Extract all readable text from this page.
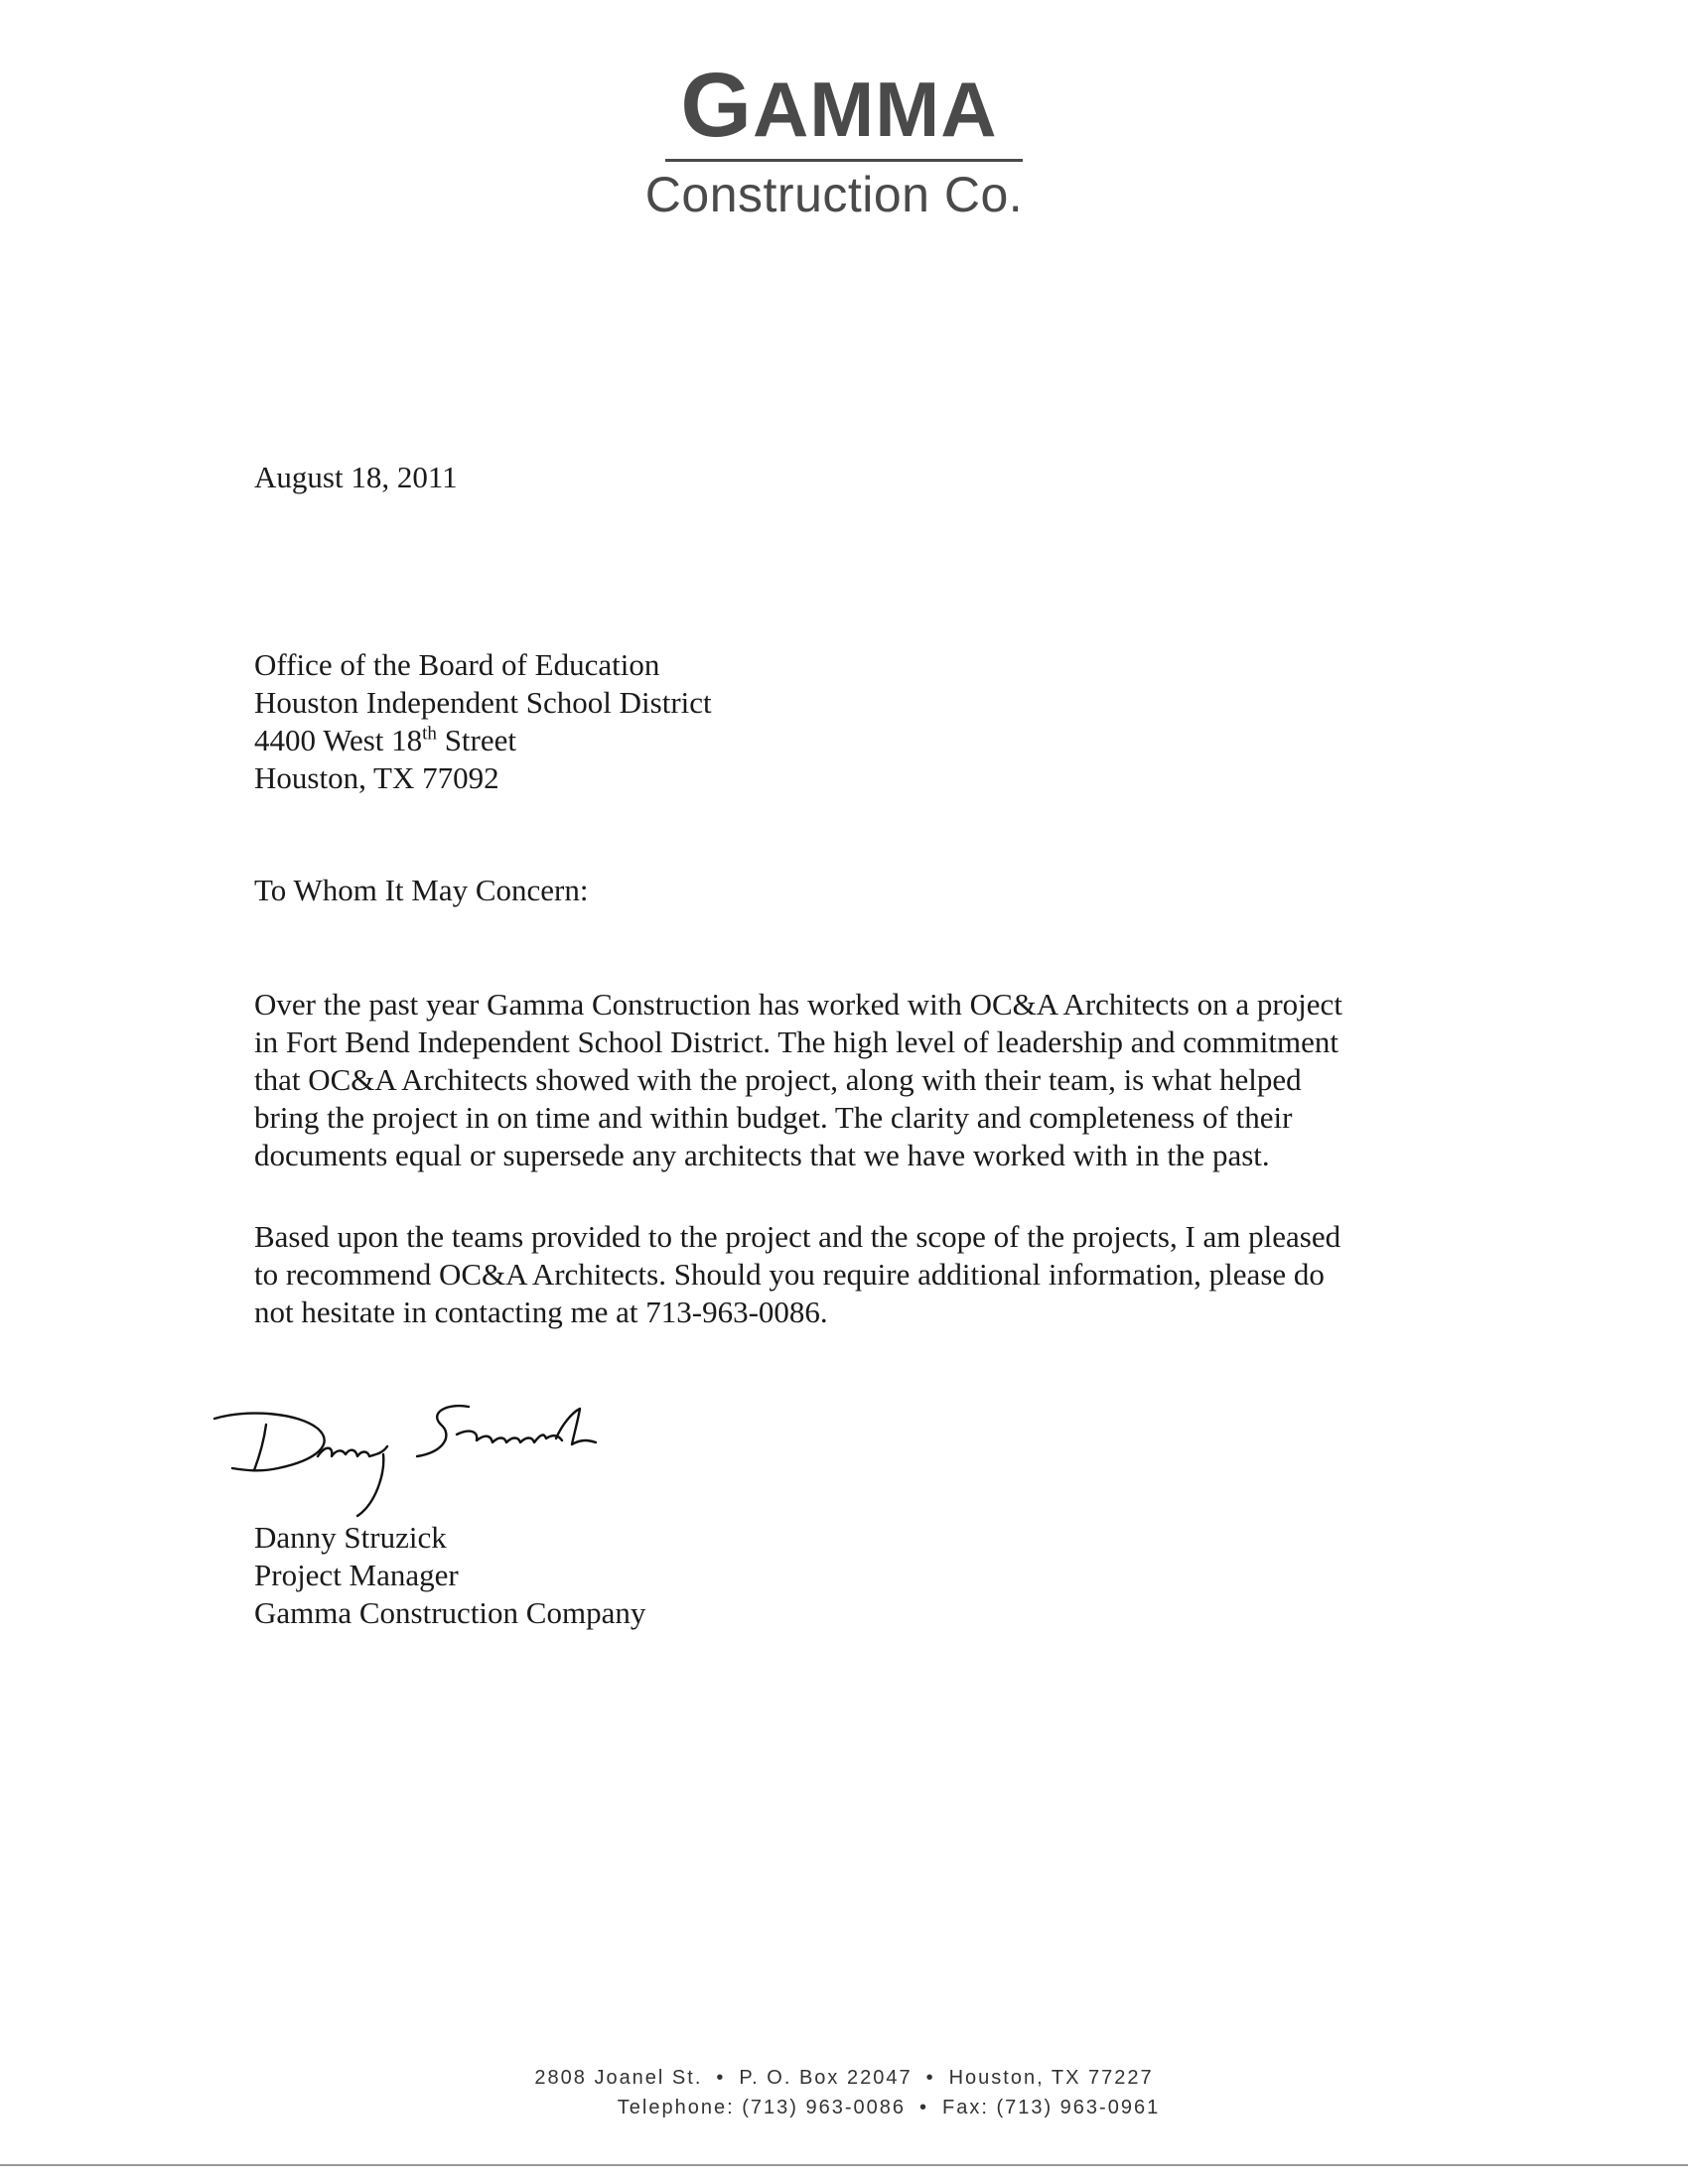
GAMMA
Construction Co.
August 18, 2011
Office of the Board of Education
Houston Independent School District
4400 West 18th Street
Houston, TX 77092
To Whom It May Concern:
Over the past year Gamma Construction has worked with OC&A Architects on a project
in Fort Bend Independent School District. The high level of leadership and commitment
that OC&A Architects showed with the project, along with their team, is what helped
bring the project in on time and within budget. The clarity and completeness of their
documents equal or supersede any architects that we have worked with in the past.
Based upon the teams provided to the project and the scope of the projects, I am pleased
to recommend OC&A Architects. Should you require additional information, please do
not hesitate in contacting me at 713-963-0086.
Danny Struzick
Danny Struzick
Project Manager
Gamma Construction Company
2808 Joanel St. • P. O. Box 22047 • Houston, TX 77227
Telephone: (713) 963-0086 • Fax: (713) 963-0961
